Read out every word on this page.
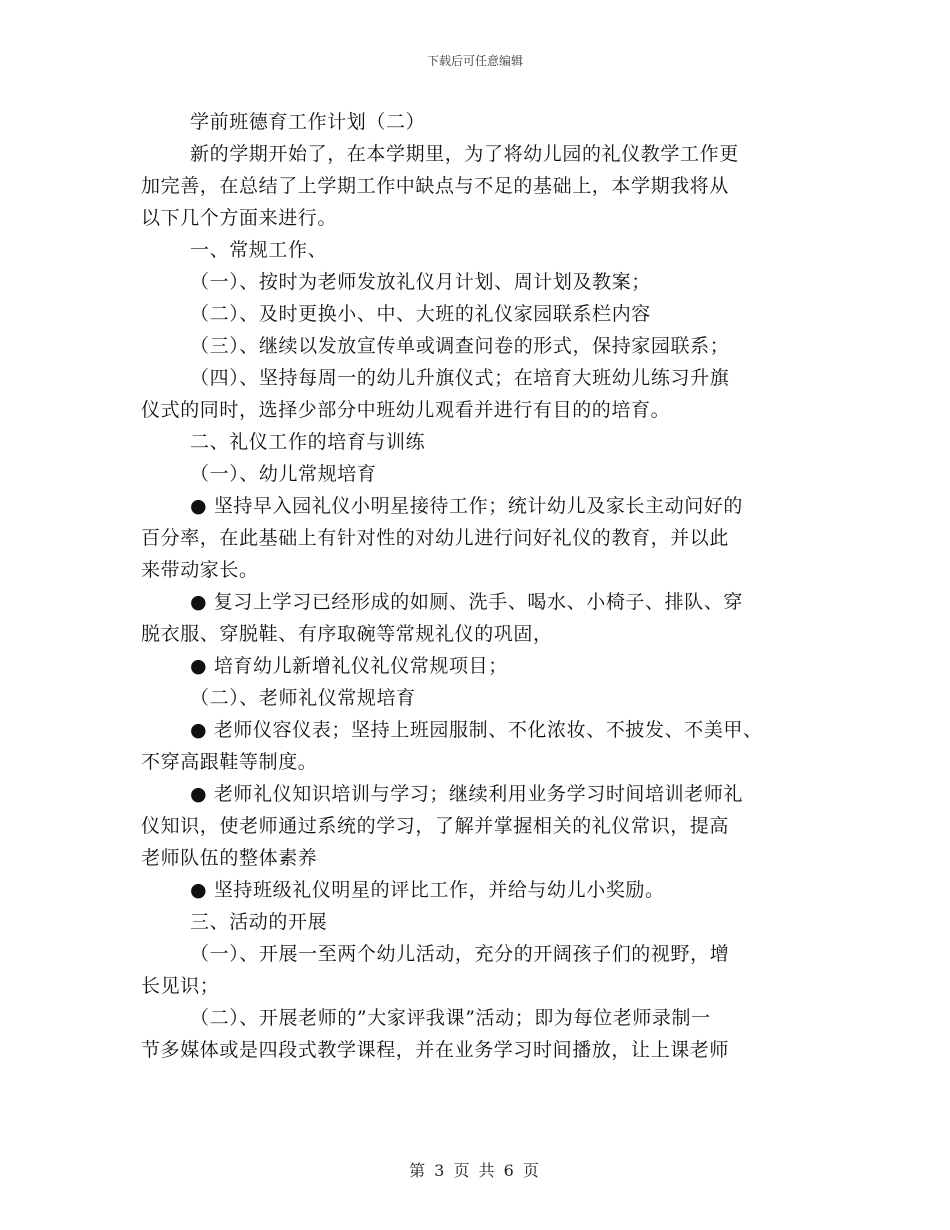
下载后可任意编辑
学前班德育工作计划（二）
新的学期开始了，在本学期里，为了将幼儿园的礼仪教学工作更
加完善，在总结了上学期工作中缺点与不足的基础上，本学期我将从
以下几个方面来进行。
一、常规工作、
（一）、按时为老师发放礼仪月计划、周计划及教案；
（二）、及时更换小、中、大班的礼仪家园联系栏内容
（三）、继续以发放宣传单或调查问卷的形式，保持家园联系；
（四）、坚持每周一的幼儿升旗仪式；在培育大班幼儿练习升旗
仪式的同时，选择少部分中班幼儿观看并进行有目的的培育。
二、礼仪工作的培育与训练
（一）、幼儿常规培育
● 坚持早入园礼仪小明星接待工作；统计幼儿及家长主动问好的
百分率，在此基础上有针对性的对幼儿进行问好礼仪的教育，并以此
来带动家长。
● 复习上学习已经形成的如厕、洗手、喝水、小椅子、排队、穿
脱衣服、穿脱鞋、有序取碗等常规礼仪的巩固，
● 培育幼儿新增礼仪礼仪常规项目；
（二）、老师礼仪常规培育
● 老师仪容仪表；坚持上班园服制、不化浓妆、不披发、不美甲、
不穿高跟鞋等制度。
● 老师礼仪知识培训与学习；继续利用业务学习时间培训老师礼
仪知识，使老师通过系统的学习，了解并掌握相关的礼仪常识，提高
老师队伍的整体素养
● 坚持班级礼仪明星的评比工作，并给与幼儿小奖励。
三、活动的开展
（一）、开展一至两个幼儿活动，充分的开阔孩子们的视野，增
长见识；
（二）、开展老师的”大家评我课”活动；即为每位老师录制一
节多媒体或是四段式教学课程，并在业务学习时间播放，让上课老师
第 3 页 共 6 页
